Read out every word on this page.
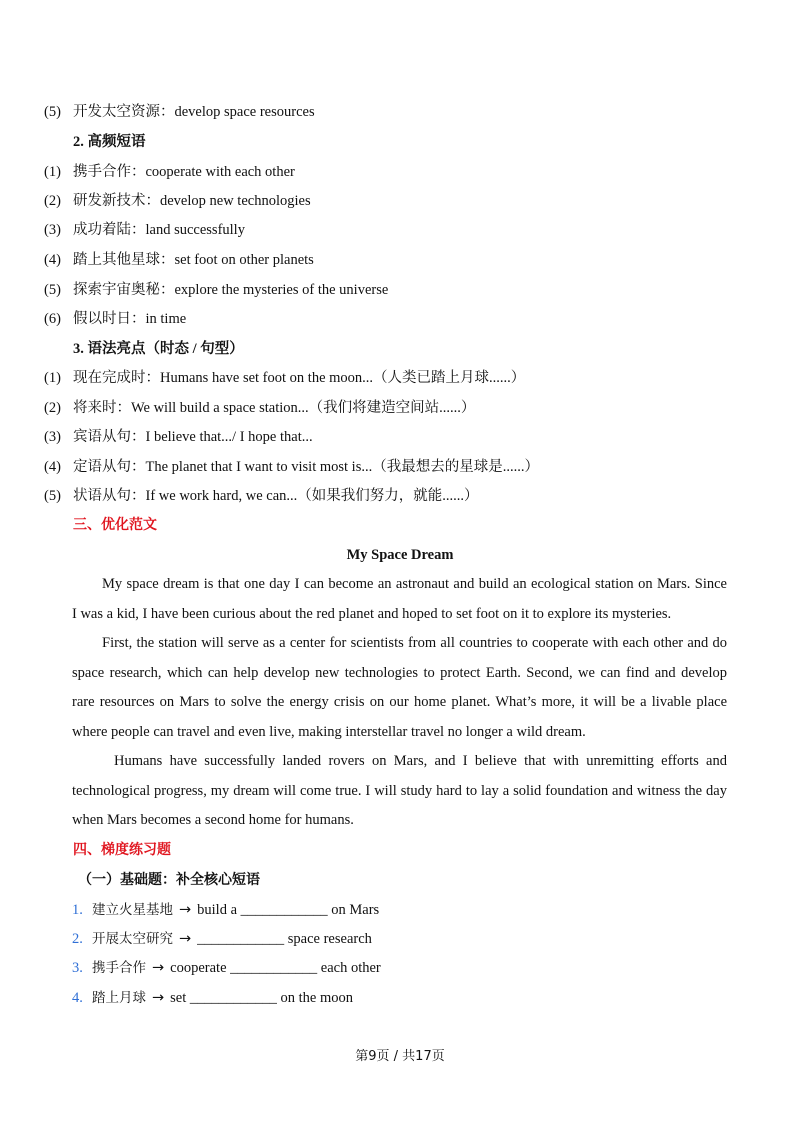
(5) 开发太空资源：develop space resources
2. 高频短语
(1) 携手合作：cooperate with each other
(2) 研发新技术：develop new technologies
(3) 成功着陆：land successfully
(4) 踏上其他星球：set foot on other planets
(5) 探索宇宙奥秘：explore the mysteries of the universe
(6) 假以时日：in time
3. 语法亮点（时态 / 句型）
(1) 现在完成时：Humans have set foot on the moon...（人类已踏上月球......）
(2) 将来时：We will build a space station...（我们将建造空间站......）
(3) 宾语从句：I believe that.../ I hope that...
(4) 定语从句：The planet that I want to visit most is...（我最想去的星球是......）
(5) 状语从句：If we work hard, we can...（如果我们努力，就能......）
三、优化范文
My Space Dream
My space dream is that one day I can become an astronaut and build an ecological station on Mars. Since
I was a kid, I have been curious about the red planet and hoped to set foot on it to explore its mysteries.
First, the station will serve as a center for scientists from all countries to cooperate with each other and do
space research, which can help develop new technologies to protect Earth. Second, we can find and develop
rare resources on Mars to solve the energy crisis on our home planet. What’s more, it will be a livable place
where people can travel and even live, making interstellar travel no longer a wild dream.
Humans have successfully landed rovers on Mars, and I believe that with unremitting efforts and
technological progress, my dream will come true. I will study hard to lay a solid foundation and witness the day
when Mars becomes a second home for humans.
四、梯度练习题
（一）基础题：补全核心短语
1. 建立火星基地 → build a ____________ on Mars
2. 开展太空研究 → ____________ space research
3. 携手合作 → cooperate ____________ each other
4. 踏上月球 → set ____________ on the moon
第9页 / 共17页
